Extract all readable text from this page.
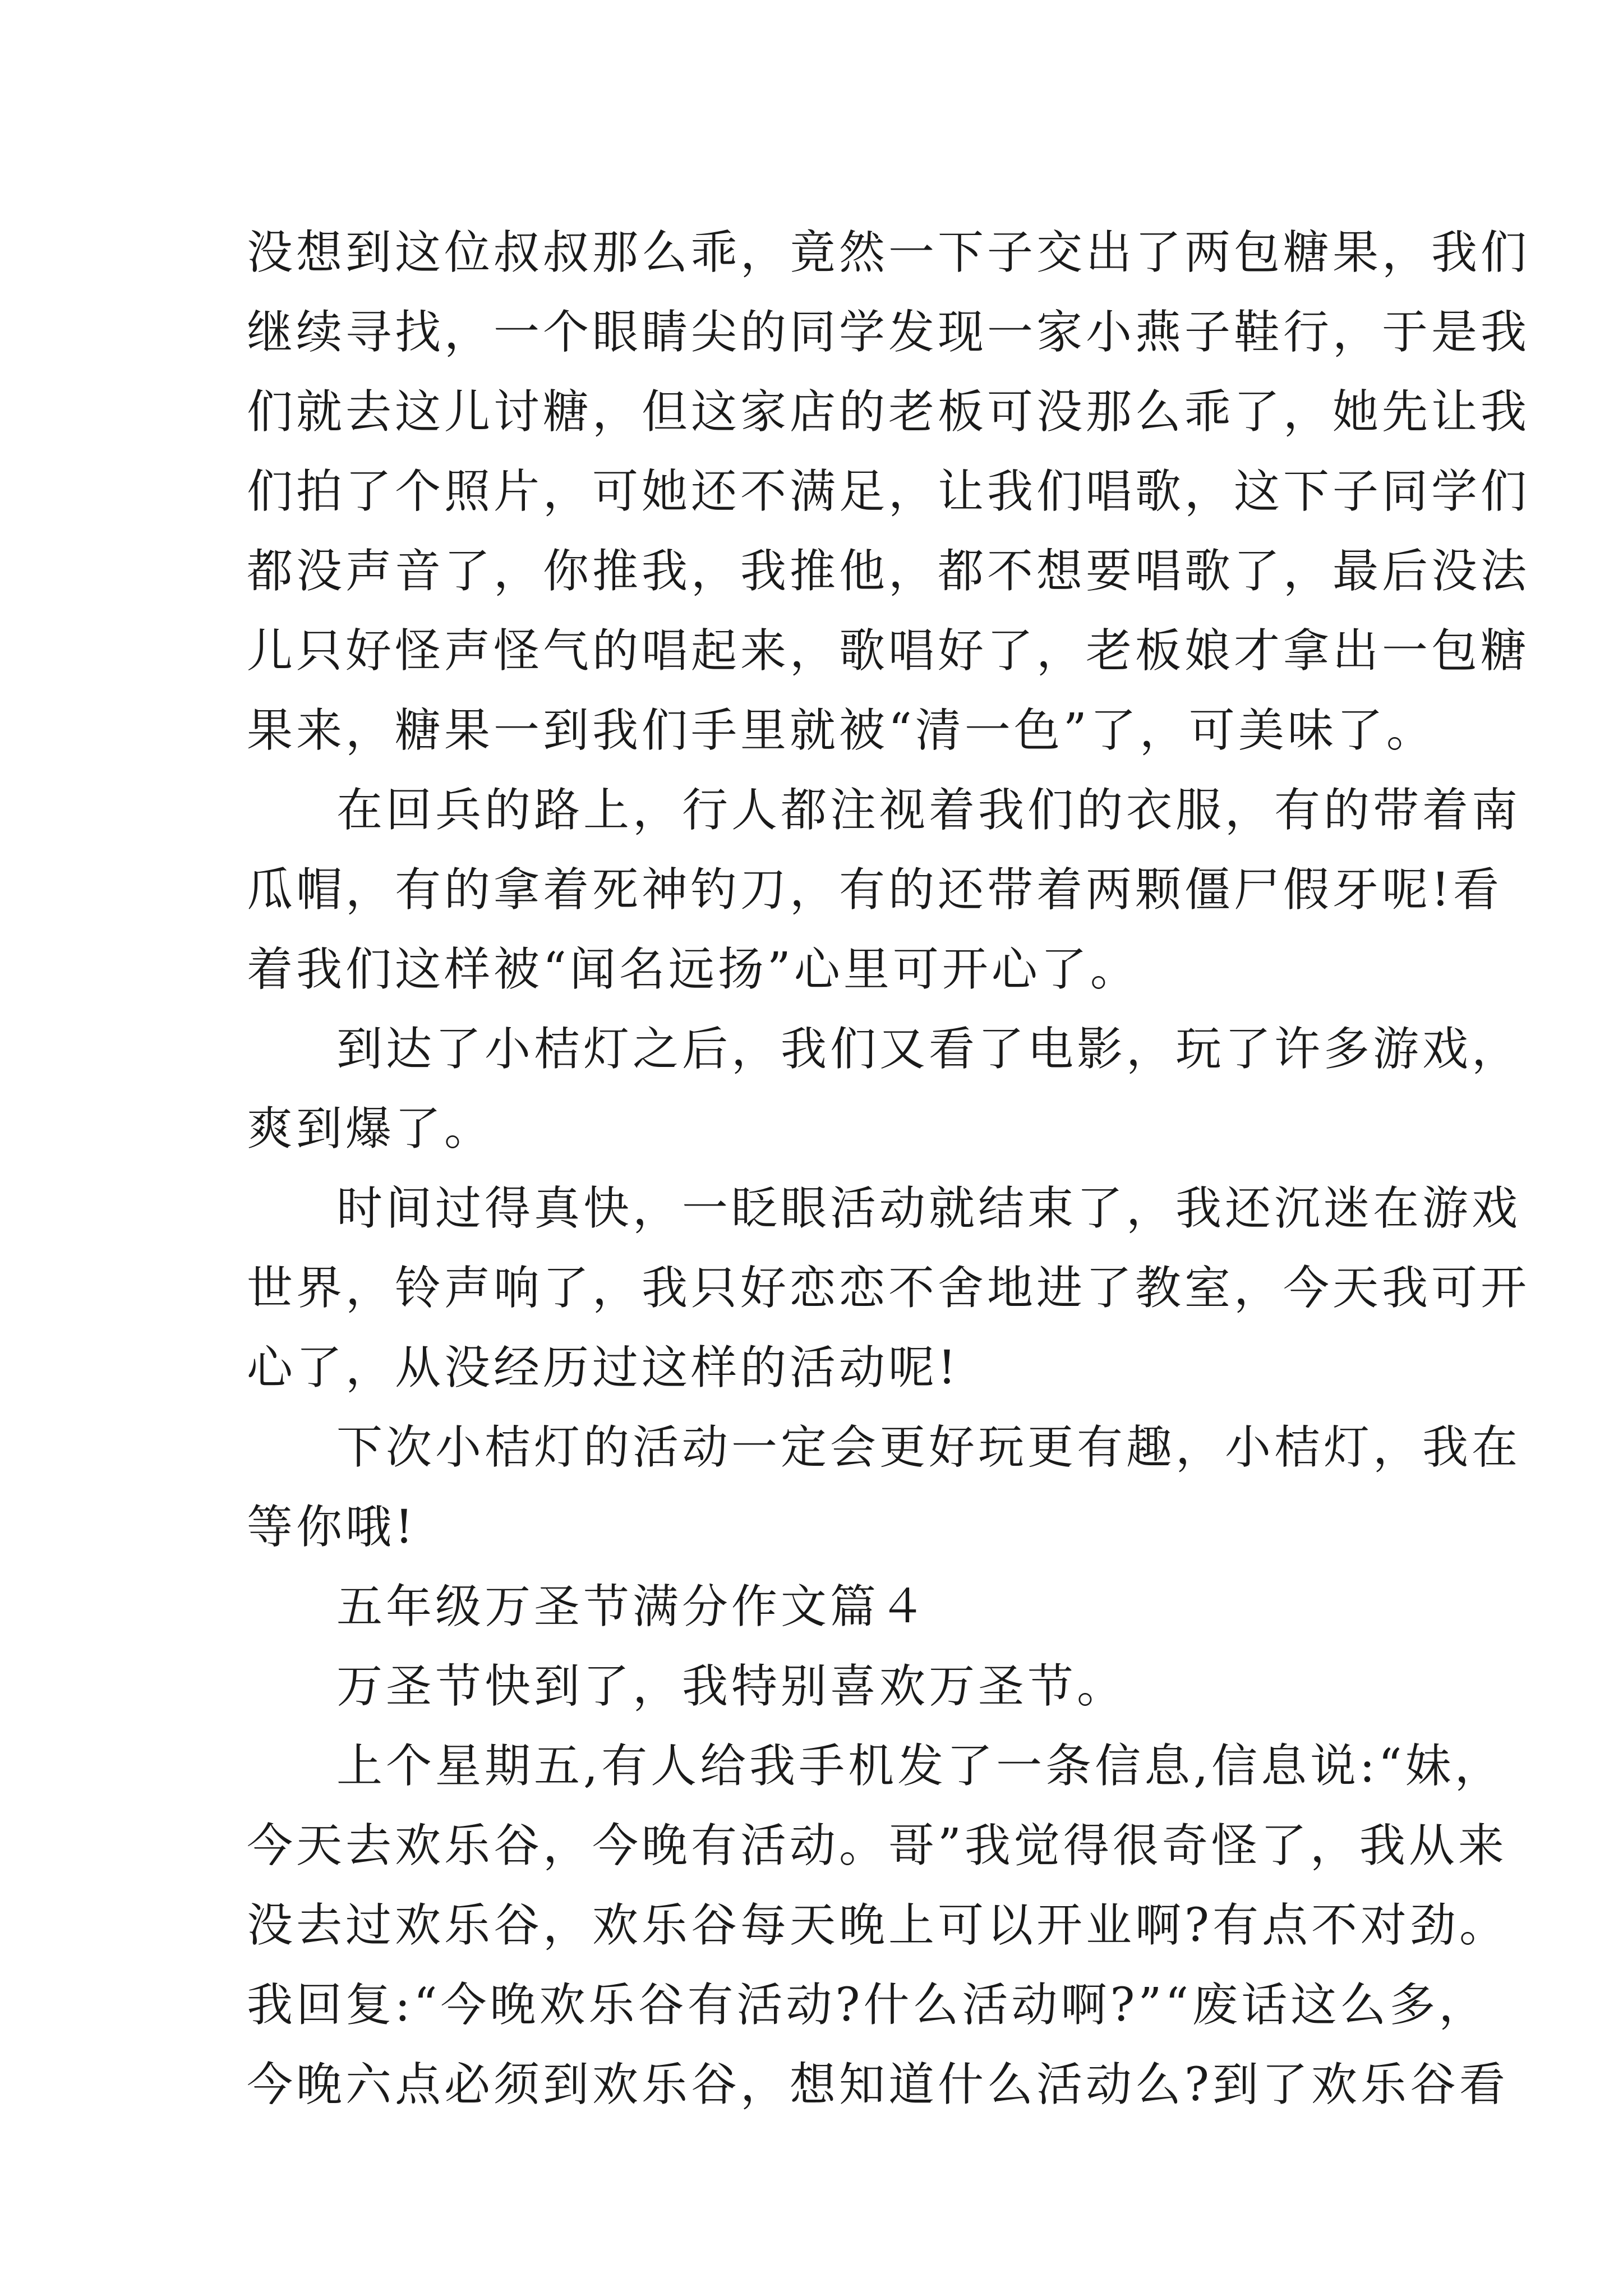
没想到这位叔叔那么乖，竟然一下子交出了两包糖果，我们
继续寻找，一个眼睛尖的同学发现一家小燕子鞋行，于是我
们就去这儿讨糖，但这家店的老板可没那么乖了，她先让我
们拍了个照片，可她还不满足，让我们唱歌，这下子同学们
都没声音了，你推我，我推他，都不想要唱歌了，最后没法
儿只好怪声怪气的唱起来，歌唱好了，老板娘才拿出一包糖
果来，糖果一到我们手里就被“清一色”了，可美味了。
在回兵的路上，行人都注视着我们的衣服，有的带着南
瓜帽，有的拿着死神钓刀，有的还带着两颗僵尸假牙呢!看
着我们这样被“闻名远扬”心里可开心了。
到达了小桔灯之后，我们又看了电影，玩了许多游戏，
爽到爆了。
时间过得真快，一眨眼活动就结束了，我还沉迷在游戏
世界，铃声响了，我只好恋恋不舍地进了教室，今天我可开
心了，从没经历过这样的活动呢!
下次小桔灯的活动一定会更好玩更有趣，小桔灯，我在
等你哦!
五年级万圣节满分作文篇４
万圣节快到了，我特别喜欢万圣节。
上个星期五,有人给我手机发了一条信息,信息说:“妹，
今天去欢乐谷，今晚有活动。哥”我觉得很奇怪了，我从来
没去过欢乐谷，欢乐谷每天晚上可以开业啊?有点不对劲。
我回复:“今晚欢乐谷有活动?什么活动啊?”“废话这么多，
今晚六点必须到欢乐谷，想知道什么活动么?到了欢乐谷看
